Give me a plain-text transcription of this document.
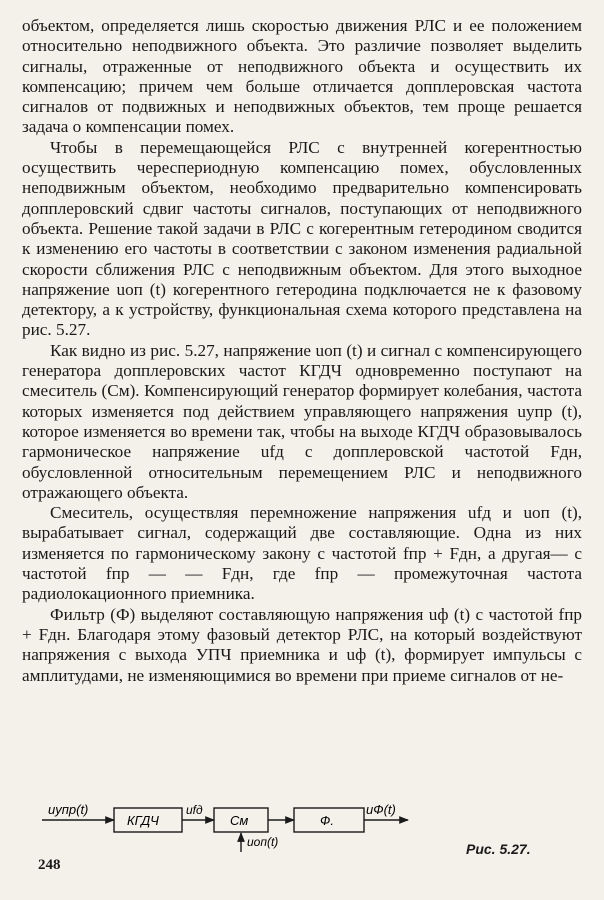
объектом, определяется лишь скоростью движения РЛС и ее положением относительно неподвижного объекта. Это различие позволяет выделить сигналы, отраженные от неподвижного объекта и осуществить их компенсацию; причем чем больше отличается допплеровская частота сигналов от подвижных и неподвижных объектов, тем проще решается задача о компенсации помех.

Чтобы в перемещающейся РЛС с внутренней когерентностью осуществить череспериодную компенсацию помех, обусловленных неподвижным объектом, необходимо предварительно компенсировать допплеровский сдвиг частоты сигналов, поступающих от неподвижного объекта. Решение такой задачи в РЛС с когерентным гетеродином сводится к изменению его частоты в соответствии с законом изменения радиальной скорости сближения РЛС с неподвижным объектом. Для этого выходное напряжение uоп (t) когерентного гетеродина подключается не к фазовому детектору, а к устройству, функциональная схема которого представлена на рис. 5.27.

Как видно из рис. 5.27, напряжение uоп (t) и сигнал с компенсирующего генератора допплеровских частот КГДЧ одновременно поступают на смеситель (См). Компенсирующий генератор формирует колебания, частота которых изменяется под действием управляющего напряжения uупр (t), которое изменяется во времени так, чтобы на выходе КГДЧ образовывалось гармоническое напряжение ufд с допплеровской частотой Fдн, обусловленной относительным перемещением РЛС и неподвижного отражающего объекта.

Смеситель, осуществляя перемножение напряжения ufд и uоп (t), вырабатывает сигнал, содержащий две составляющие. Одна из них изменяется по гармоническому закону с частотой fпр + Fдн, а другая— с частотой fпр — — Fдн, где fпр — промежуточная частота радиолокационного приемника.

Фильтр (Ф) выделяют составляющую напряжения uф (t) с частотой fпр + Fдн. Благодаря этому фазовый детектор РЛС, на который воздействуют напряжения с выхода УПЧ приемника и uф (t), формирует импульсы с амплитудами, не изменяющимися во времени при приеме сигналов от не-

uупр(t)
КГДЧ
ufд
См
uоп(t)
Ф.
uФ(t)
Рис. 5.27.
248
